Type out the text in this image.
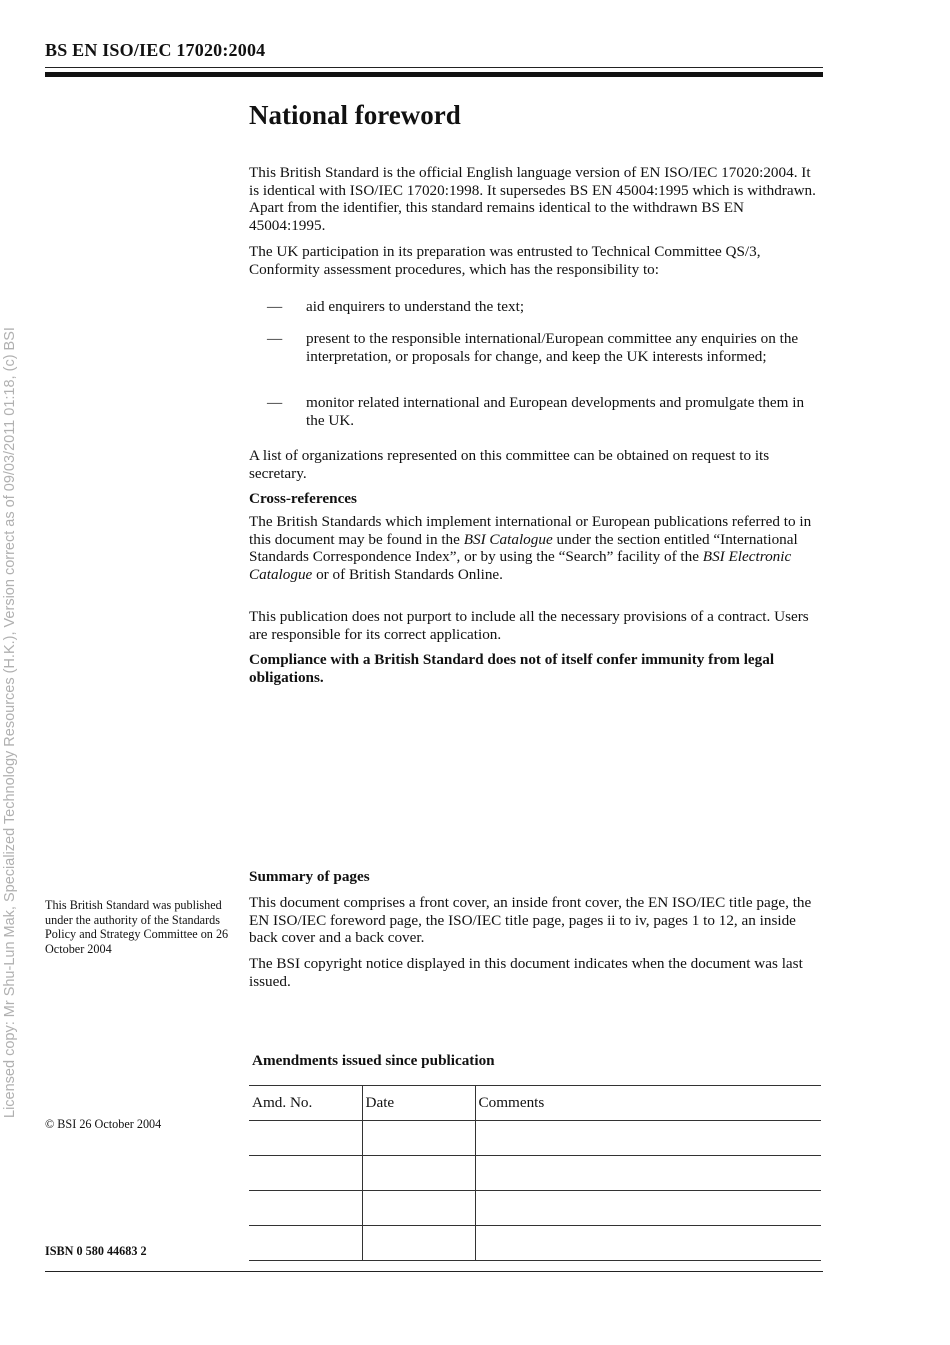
BS EN ISO/IEC 17020:2004
Licensed copy: Mr Shu-Lun Mak, Specialized Technology Resources (H.K.), Version correct as of 09/03/2011 01:18, (c) BSI
National foreword

This British Standard is the official English language version of EN ISO/IEC 17020:2004. It is identical with ISO/IEC 17020:1998. It supersedes BS EN 45004:1995 which is withdrawn. Apart from the identifier, this standard remains identical to the withdrawn BS EN 45004:1995.

The UK participation in its preparation was entrusted to Technical Committee QS/3, Conformity assessment procedures, which has the responsibility to:

— aid enquirers to understand the text;
— present to the responsible international/European committee any enquiries on the interpretation, or proposals for change, and keep the UK interests informed;
— monitor related international and European developments and promulgate them in the UK.

A list of organizations represented on this committee can be obtained on request to its secretary.

Cross-references

The British Standards which implement international or European publications referred to in this document may be found in the BSI Catalogue under the section entitled “International Standards Correspondence Index”, or by using the “Search” facility of the BSI Electronic Catalogue or of British Standards Online.

This publication does not purport to include all the necessary provisions of a contract. Users are responsible for its correct application.

Compliance with a British Standard does not of itself confer immunity from legal obligations.

Summary of pages

This document comprises a front cover, an inside front cover, the EN ISO/IEC title page, the EN ISO/IEC foreword page, the ISO/IEC title page, pages ii to iv, pages 1 to 12, an inside back cover and a back cover.

The BSI copyright notice displayed in this document indicates when the document was last issued.

This British Standard was published under the authority of the Standards Policy and Strategy Committee on 26 October 2004
© BSI 26 October 2004
ISBN 0 580 44683 2
Amendments issued since publication
Amd. No.	Date	Comments
